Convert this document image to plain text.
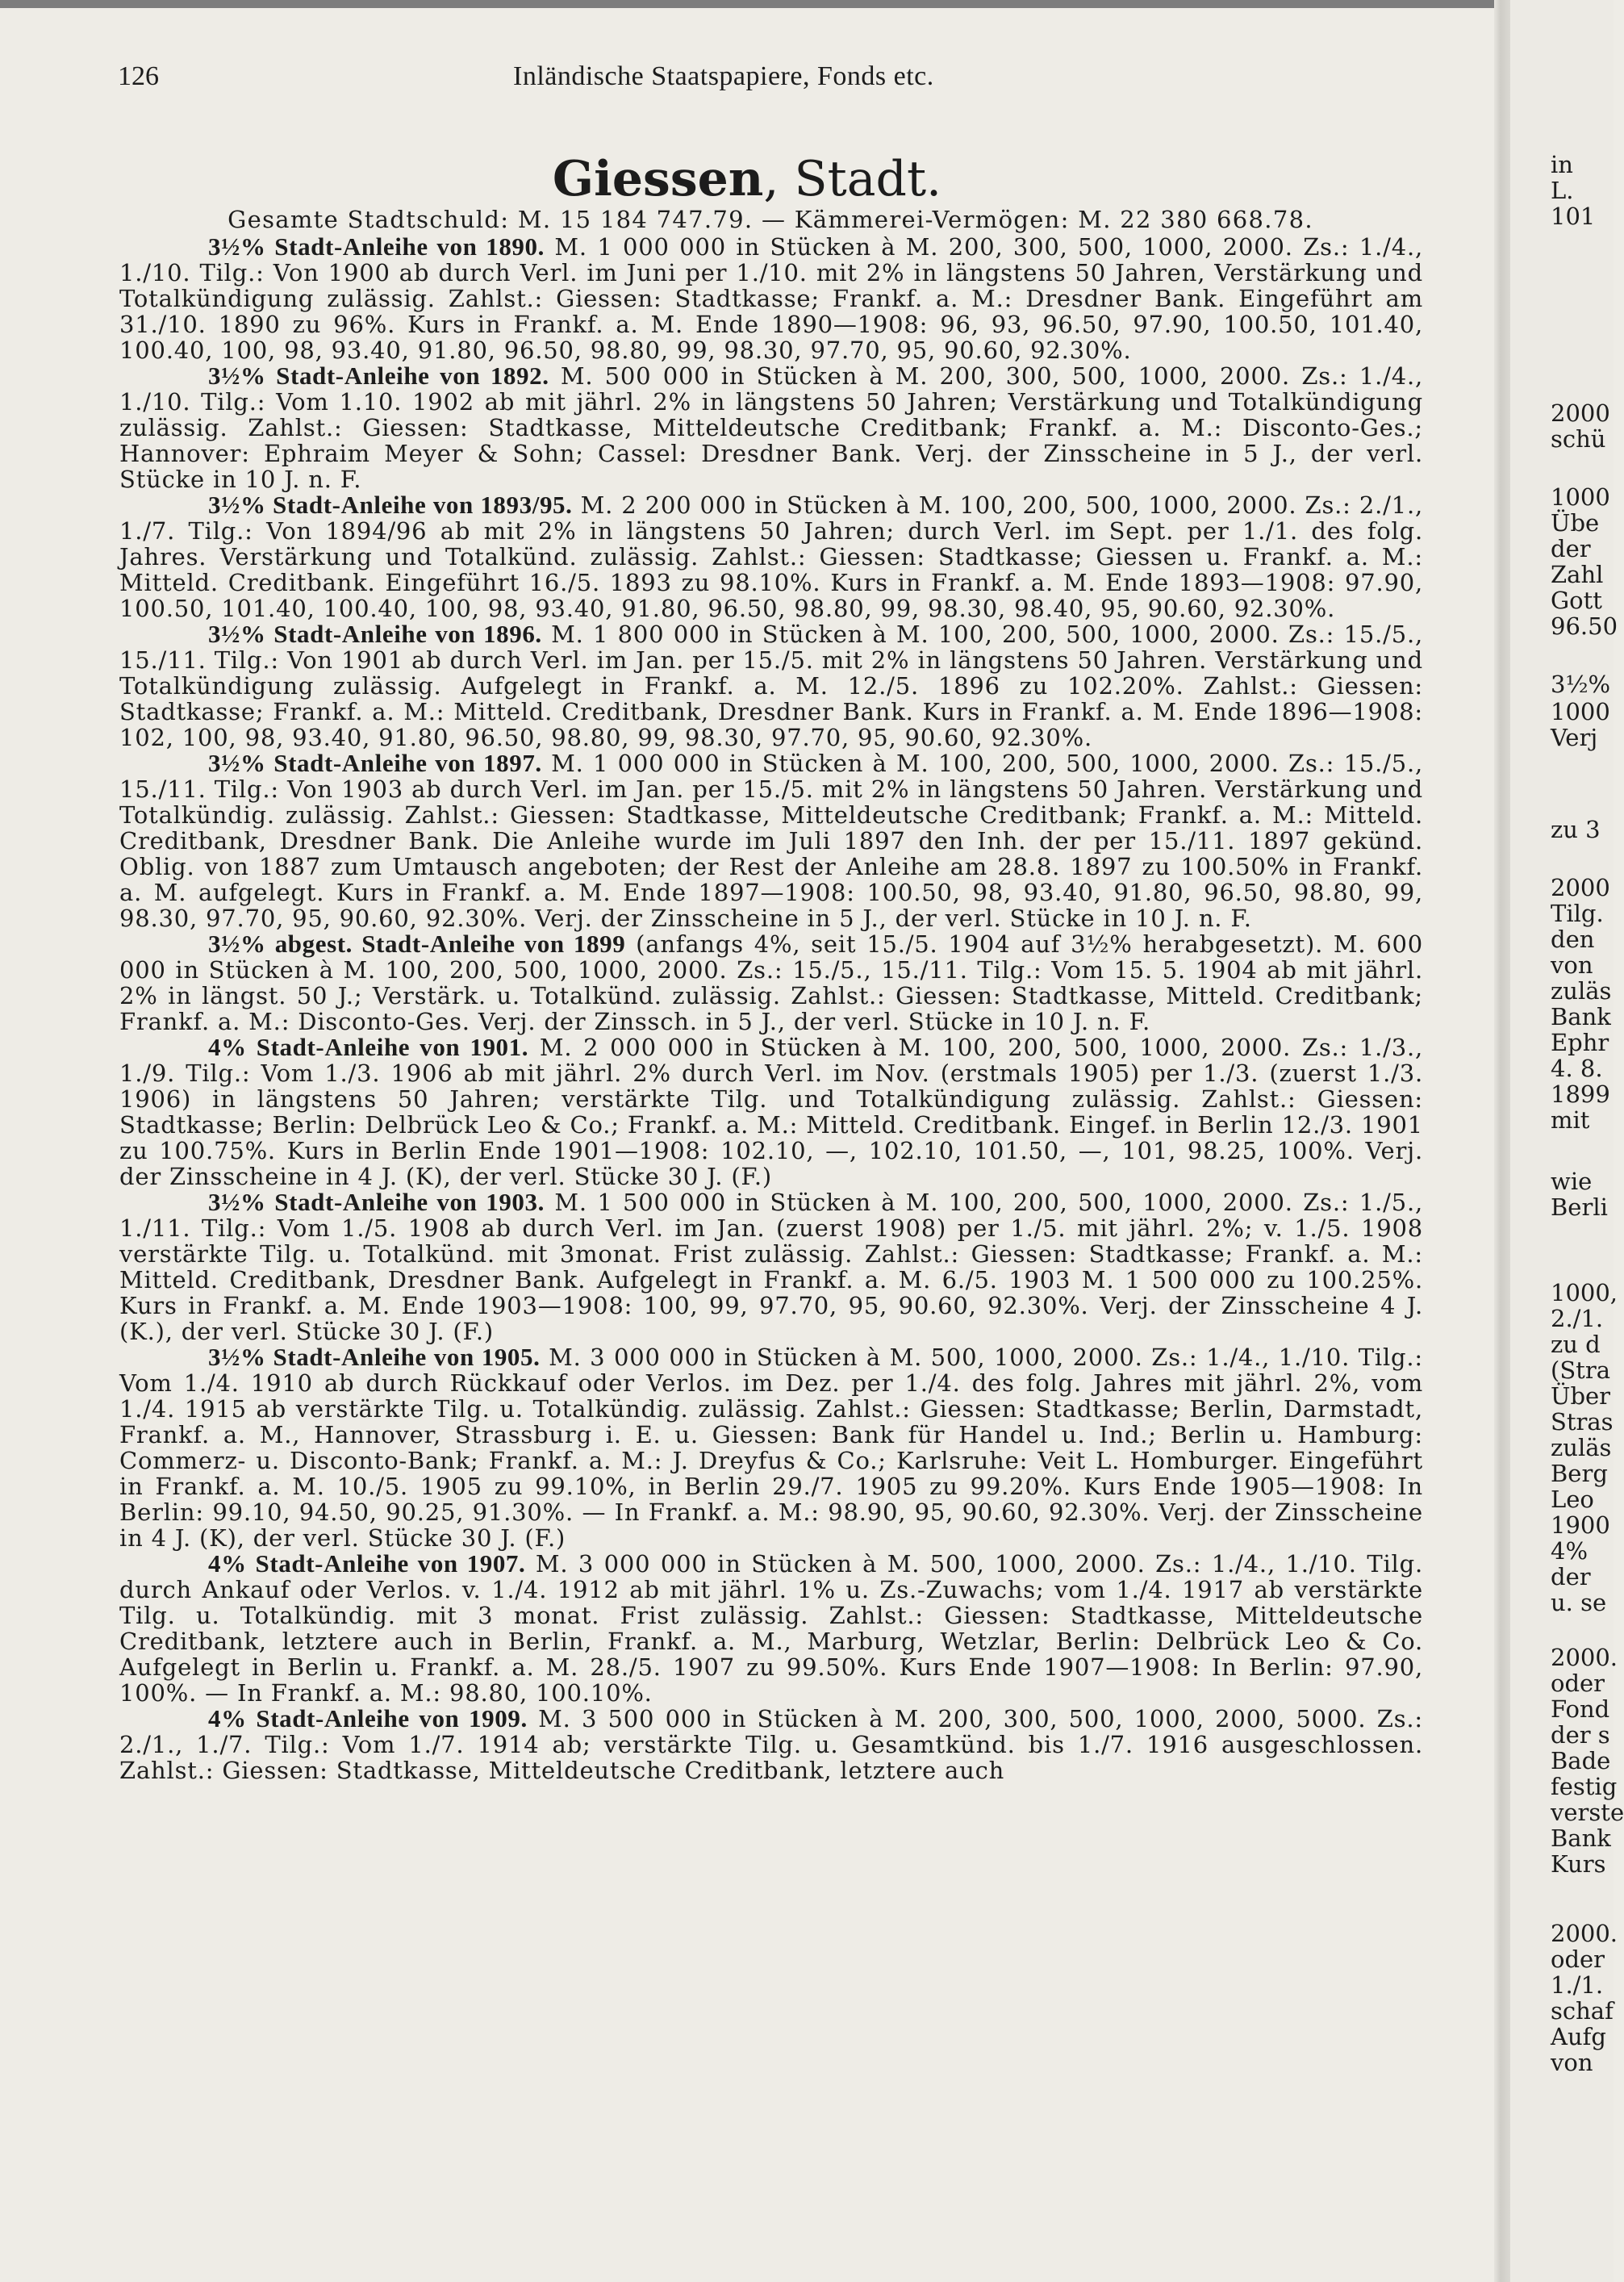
126	Inländische Staatspapiere, Fonds etc.
Giessen, Stadt.
Gesamte Stadtschuld: M. 15 184 747.79. — Kämmerei-Vermögen: M. 22 380 668.78.

3½% Stadt-Anleihe von 1890. M. 1 000 000 in Stücken à M. 200, 300, 500, 1000, 2000. Zs.: 1./4., 1./10. Tilg.: Von 1900 ab durch Verl. im Juni per 1./10. mit 2% in längstens 50 Jahren, Verstärkung und Totalkündigung zulässig. Zahlst.: Giessen: Stadtkasse; Frankf. a. M.: Dresdner Bank. Eingeführt am 31./10. 1890 zu 96%. Kurs in Frankf. a. M. Ende 1890—1908: 96, 93, 96.50, 97.90, 100.50, 101.40, 100.40, 100, 98, 93.40, 91.80, 96.50, 98.80, 99, 98.30, 97.70, 95, 90.60, 92.30%.

3½% Stadt-Anleihe von 1892. M. 500 000 in Stücken à M. 200, 300, 500, 1000, 2000. Zs.: 1./4., 1./10. Tilg.: Vom 1.10. 1902 ab mit jährl. 2% in längstens 50 Jahren; Verstärkung und Totalkündigung zulässig. Zahlst.: Giessen: Stadtkasse, Mitteldeutsche Creditbank; Frankf. a. M.: Disconto-Ges.; Hannover: Ephraim Meyer & Sohn; Cassel: Dresdner Bank. Verj. der Zinsscheine in 5 J., der verl. Stücke in 10 J. n. F.

3½% Stadt-Anleihe von 1893/95. M. 2 200 000 in Stücken à M. 100, 200, 500, 1000, 2000. Zs.: 2./1., 1./7. Tilg.: Von 1894/96 ab mit 2% in längstens 50 Jahren; durch Verl. im Sept. per 1./1. des folg. Jahres. Verstärkung und Totalkünd. zulässig. Zahlst.: Giessen: Stadtkasse; Giessen u. Frankf. a. M.: Mitteld. Creditbank. Eingeführt 16./5. 1893 zu 98.10%. Kurs in Frankf. a. M. Ende 1893—1908: 97.90, 100.50, 101.40, 100.40, 100, 98, 93.40, 91.80, 96.50, 98.80, 99, 98.30, 98.40, 95, 90.60, 92.30%.

3½% Stadt-Anleihe von 1896. M. 1 800 000 in Stücken à M. 100, 200, 500, 1000, 2000. Zs.: 15./5., 15./11. Tilg.: Von 1901 ab durch Verl. im Jan. per 15./5. mit 2% in längstens 50 Jahren. Verstärkung und Totalkündigung zulässig. Aufgelegt in Frankf. a. M. 12./5. 1896 zu 102.20%. Zahlst.: Giessen: Stadtkasse; Frankf. a. M.: Mitteld. Creditbank, Dresdner Bank. Kurs in Frankf. a. M. Ende 1896—1908: 102, 100, 98, 93.40, 91.80, 96.50, 98.80, 99, 98.30, 97.70, 95, 90.60, 92.30%.

3½% Stadt-Anleihe von 1897. M. 1 000 000 in Stücken à M. 100, 200, 500, 1000, 2000. Zs.: 15./5., 15./11. Tilg.: Von 1903 ab durch Verl. im Jan. per 15./5. mit 2% in längstens 50 Jahren. Verstärkung und Totalkündig. zulässig. Zahlst.: Giessen: Stadtkasse, Mitteldeutsche Creditbank; Frankf. a. M.: Mitteld. Creditbank, Dresdner Bank. Die Anleihe wurde im Juli 1897 den Inh. der per 15./11. 1897 gekünd. Oblig. von 1887 zum Umtausch angeboten; der Rest der Anleihe am 28.8. 1897 zu 100.50% in Frankf. a. M. aufgelegt. Kurs in Frankf. a. M. Ende 1897—1908: 100.50, 98, 93.40, 91.80, 96.50, 98.80, 99, 98.30, 97.70, 95, 90.60, 92.30%. Verj. der Zinsscheine in 5 J., der verl. Stücke in 10 J. n. F.

3½% abgest. Stadt-Anleihe von 1899 (anfangs 4%, seit 15./5. 1904 auf 3½% herabgesetzt). M. 600 000 in Stücken à M. 100, 200, 500, 1000, 2000. Zs.: 15./5., 15./11. Tilg.: Vom 15. 5. 1904 ab mit jährl. 2% in längst. 50 J.; Verstärk. u. Totalkünd. zulässig. Zahlst.: Giessen: Stadtkasse, Mitteld. Creditbank; Frankf. a. M.: Disconto-Ges. Verj. der Zinssch. in 5 J., der verl. Stücke in 10 J. n. F.

4% Stadt-Anleihe von 1901. M. 2 000 000 in Stücken à M. 100, 200, 500, 1000, 2000. Zs.: 1./3., 1./9. Tilg.: Vom 1./3. 1906 ab mit jährl. 2% durch Verl. im Nov. (erstmals 1905) per 1./3. (zuerst 1./3. 1906) in längstens 50 Jahren; verstärkte Tilg. und Totalkündigung zulässig. Zahlst.: Giessen: Stadtkasse; Berlin: Delbrück Leo & Co.; Frankf. a. M.: Mitteld. Creditbank. Eingef. in Berlin 12./3. 1901 zu 100.75%. Kurs in Berlin Ende 1901—1908: 102.10, —, 102.10, 101.50, —, 101, 98.25, 100%. Verj. der Zinsscheine in 4 J. (K), der verl. Stücke 30 J. (F.)

3½% Stadt-Anleihe von 1903. M. 1 500 000 in Stücken à M. 100, 200, 500, 1000, 2000. Zs.: 1./5., 1./11. Tilg.: Vom 1./5. 1908 ab durch Verl. im Jan. (zuerst 1908) per 1./5. mit jährl. 2%; v. 1./5. 1908 verstärkte Tilg. u. Totalkünd. mit 3monat. Frist zulässig. Zahlst.: Giessen: Stadtkasse; Frankf. a. M.: Mitteld. Creditbank, Dresdner Bank. Aufgelegt in Frankf. a. M. 6./5. 1903 M. 1 500 000 zu 100.25%. Kurs in Frankf. a. M. Ende 1903—1908: 100, 99, 97.70, 95, 90.60, 92.30%. Verj. der Zinsscheine 4 J. (K.), der verl. Stücke 30 J. (F.)

3½% Stadt-Anleihe von 1905. M. 3 000 000 in Stücken à M. 500, 1000, 2000. Zs.: 1./4., 1./10. Tilg.: Vom 1./4. 1910 ab durch Rückkauf oder Verlos. im Dez. per 1./4. des folg. Jahres mit jährl. 2%, vom 1./4. 1915 ab verstärkte Tilg. u. Totalkündig. zulässig. Zahlst.: Giessen: Stadtkasse; Berlin, Darmstadt, Frankf. a. M., Hannover, Strassburg i. E. u. Giessen: Bank für Handel u. Ind.; Berlin u. Hamburg: Commerz- u. Disconto-Bank; Frankf. a. M.: J. Dreyfus & Co.; Karlsruhe: Veit L. Homburger. Eingeführt in Frankf. a. M. 10./5. 1905 zu 99.10%, in Berlin 29./7. 1905 zu 99.20%. Kurs Ende 1905—1908: In Berlin: 99.10, 94.50, 90.25, 91.30%. — In Frankf. a. M.: 98.90, 95, 90.60, 92.30%. Verj. der Zinsscheine in 4 J. (K), der verl. Stücke 30 J. (F.)

4% Stadt-Anleihe von 1907. M. 3 000 000 in Stücken à M. 500, 1000, 2000. Zs.: 1./4., 1./10. Tilg. durch Ankauf oder Verlos. v. 1./4. 1912 ab mit jährl. 1% u. Zs.-Zuwachs; vom 1./4. 1917 ab verstärkte Tilg. u. Totalkündig. mit 3 monat. Frist zulässig. Zahlst.: Giessen: Stadtkasse, Mitteldeutsche Creditbank, letztere auch in Berlin, Frankf. a. M., Marburg, Wetzlar, Berlin: Delbrück Leo & Co. Aufgelegt in Berlin u. Frankf. a. M. 28./5. 1907 zu 99.50%. Kurs Ende 1907—1908: In Berlin: 97.90, 100%. — In Frankf. a. M.: 98.80, 100.10%.

4% Stadt-Anleihe von 1909. M. 3 500 000 in Stücken à M. 200, 300, 500, 1000, 2000, 5000. Zs.: 2./1., 1./7. Tilg.: Vom 1./7. 1914 ab; verstärkte Tilg. u. Gesamtkünd. bis 1./7. 1916 ausgeschlossen. Zahlst.: Giessen: Stadtkasse, Mitteldeutsche Creditbank, letztere auch

in
L.
101
2000
schü
1000
Übe
der
Zahl
Gott
96.50
3½%
1000
Verj
zu 3
2000
Tilg.
den
von
zuläs
Bank
Ephr
4. 8.
1899
mit
wie
Berli
1000,
2./1.
zu d
(Stra
Über
Stras
zuläs
Berg
Leo
1900
4%
der
u. se
2000.
oder
Fond
der s
Bade
festig
verste
Bank
Kurs
2000.
oder
1./1.
schaf
Aufg
von
